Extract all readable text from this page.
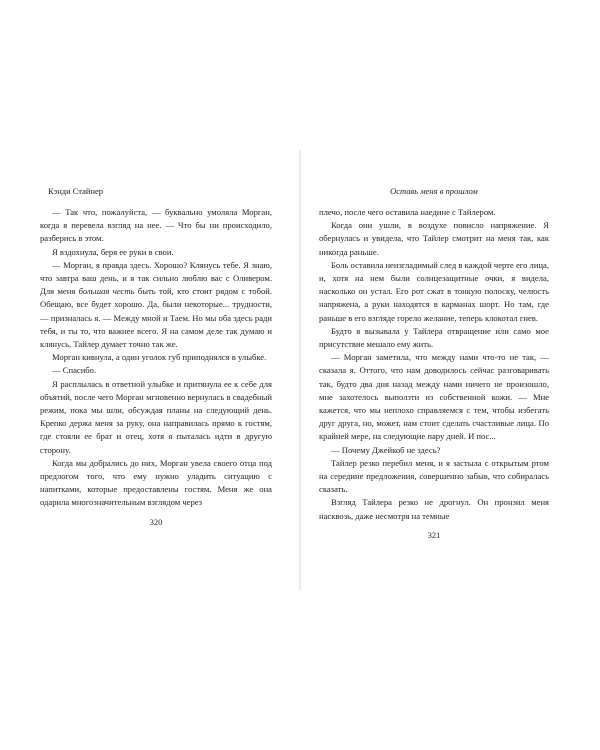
Кэнди Стайнер

— Так что, пожалуйста, — буквально умоляла Морган, когда я перевела взгляд на нее. — Что бы ни происходило, разберись в этом.

Я вздохнула, беря ее руки в свои.

— Морган, я правда здесь. Хорошо? Клянусь тебе. Я знаю, что завтра ваш день, и я так сильно люблю вас с Оливером. Для меня большая честь быть той, кто стоит рядом с тобой. Обещаю, все будет хорошо. Да, были некоторые... трудности, — призналась я. — Между мной и Таем. Но мы оба здесь ради тебя, и ты то, что важнее всего. Я на самом деле так думаю и клянусь, Тайлер думает точно так же.

Морган кивнула, а один уголок губ приподнялся в улыбке.

— Спасибо.

Я расплылась в ответной улыбке и притянула ее к себе для объятий, после чего Морган мгновенно вернулась в свадебный режим, пока мы шли, обсуждая планы на следующий день. Крепко держа меня за руку, она направилась прямо к гостям, где стояли ее брат и отец, хотя я пыталась идти в другую сторону.

Когда мы добрались до них, Морган увела своего отца под предлогом того, что ему нужно уладить ситуацию с напитками, которые предоставлены гостям. Меня же она одарила многозначительным взглядом через

320
Оставь меня в прошлом

плечо, после чего оставила наедине с Тайлером.

Когда они ушли, в воздухе повисло напряжение. Я обернулась и увидела, что Тайлер смотрит на меня так, как никогда раньше.

Боль оставила неизгладимый след в каждой черте его лица, и, хотя на нем были солнцезащитные очки, я видела, насколько он устал. Его рот сжат в тонкую полоску, челюсть напряжена, а руки находятся в карманах шорт. Но там, где раньше в его взгляде горело желание, теперь клокотал гнев.

Будто я вызывала у Тайлера отвращение или само мое присутствие мешало ему жить.

— Морган заметила, что между нами что-то не так, — сказала я. Оттого, что нам доводилось сейчас разговаривать так, будто два дня назад между нами ничего не произошло, мне захотелось выползти из собственной кожи. — Мне кажется, что мы неплохо справляемся с тем, чтобы избегать друг друга, но, может, нам стоит сделать счастливые лица. По крайней мере, на следующие пару дней. И пос...

— Почему Джейкоб не здесь?

Тайлер резко перебил меня, и я застыла с открытым ртом на середине предложения, совершенно забыв, что собиралась сказать.

Взгляд Тайлера резко не дрогнул. Он пронзил меня насквозь, даже несмотря на темные

321
